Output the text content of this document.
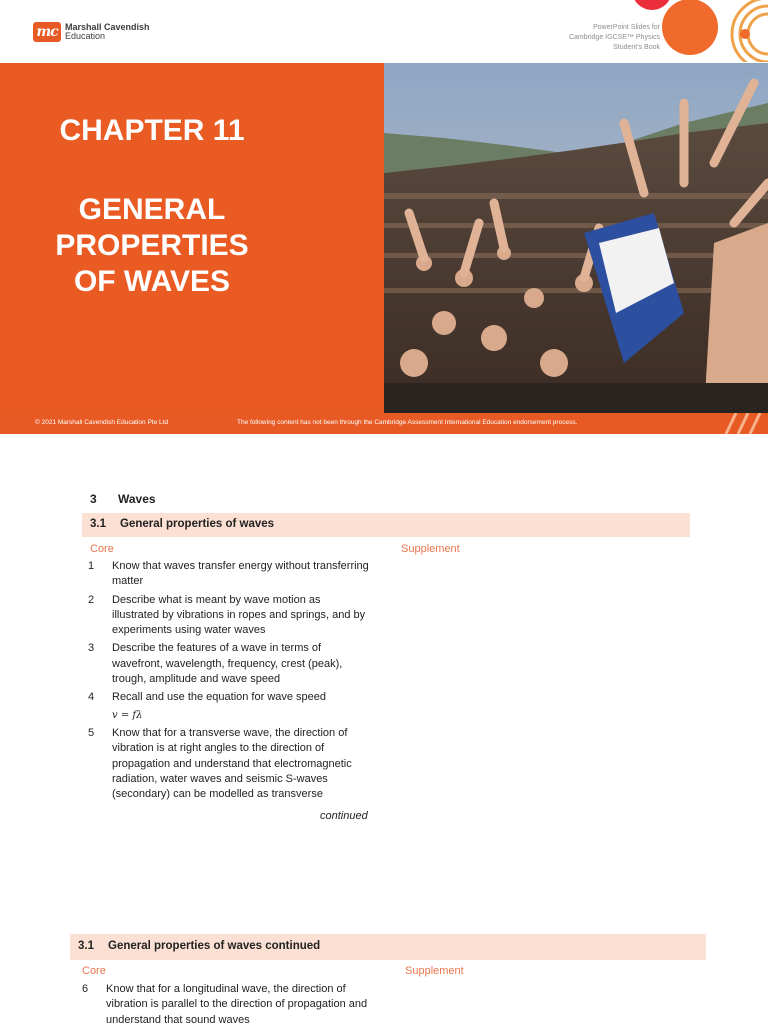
mc Marshall Cavendish
Education
PowerPoint Slides for
Cambridge IGCSE™ Physics
Student's Book
CHAPTER 11
GENERAL
PROPERTIES
OF WAVES
© 2021 Marshall Cavendish Education Pte Ltd	The following content has not been through the Cambridge Assessment International Education endorsement process.
3 Waves
3.1 General properties of waves
Core	Supplement
1	Know that waves transfer energy without transferring matter
2	Describe what is meant by wave motion as illustrated by vibrations in ropes and springs, and by experiments using water waves
3	Describe the features of a wave in terms of wavefront, wavelength, frequency, crest (peak), trough, amplitude and wave speed
4	Recall and use the equation for wave speed
v = fλ
5	Know that for a transverse wave, the direction of vibration is at right angles to the direction of propagation and understand that electromagnetic radiation, water waves and seismic S-waves (secondary) can be modelled as transverse
continued
3.1 General properties of waves continued
Core	Supplement
6	Know that for a longitudinal wave, the direction of vibration is parallel to the direction of propagation and understand that sound waves
